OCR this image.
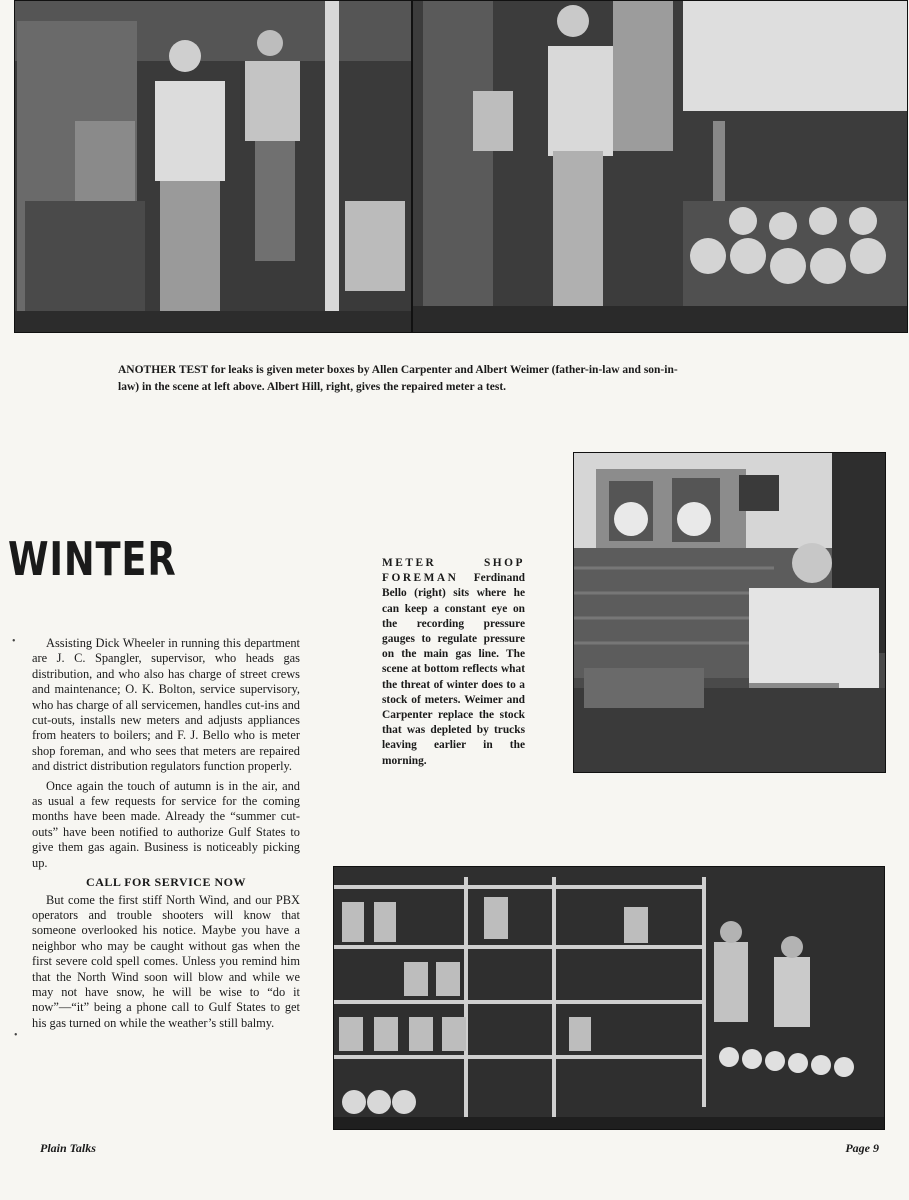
ANOTHER TEST for leaks is given meter boxes by Allen Carpenter and Albert Weimer (father-in-law and son-in-law) in the scene at left above. Albert Hill, right, gives the repaired meter a test.

WINTER
•
•

Assisting Dick Wheeler in running this department are J. C. Spangler, supervisor, who heads gas distribution, and who also has charge of street crews and maintenance; O. K. Bolton, service supervisory, who has charge of all servicemen, handles cut-ins and cut-outs, installs new meters and adjusts appliances from heaters to boilers; and F. J. Bello who is meter shop foreman, and who sees that meters are repaired and district distribution regulators function properly.

Once again the touch of autumn is in the air, and as usual a few requests for service for the coming months have been made. Already the “summer cut-outs” have been notified to authorize Gulf States to give them gas again. Business is noticeably picking up.

CALL FOR SERVICE NOW

But come the first stiff North Wind, and our PBX operators and trouble shooters will know that someone overlooked his notice. Maybe you have a neighbor who may be caught without gas when the first severe cold spell comes. Unless you remind him that the North Wind soon will blow and while we may not have snow, he will be wise to “do it now”—“it” being a phone call to Gulf States to get his gas turned on while the weather’s still balmy.

METER SHOP FOREMAN Ferdinand Bello (right) sits where he can keep a constant eye on the recording pressure gauges to regulate pressure on the main gas line. The scene at bottom reflects what the threat of winter does to a stock of meters. Weimer and Carpenter replace the stock that was depleted by trucks leaving earlier in the morning.
Plain Talks	Page 9
